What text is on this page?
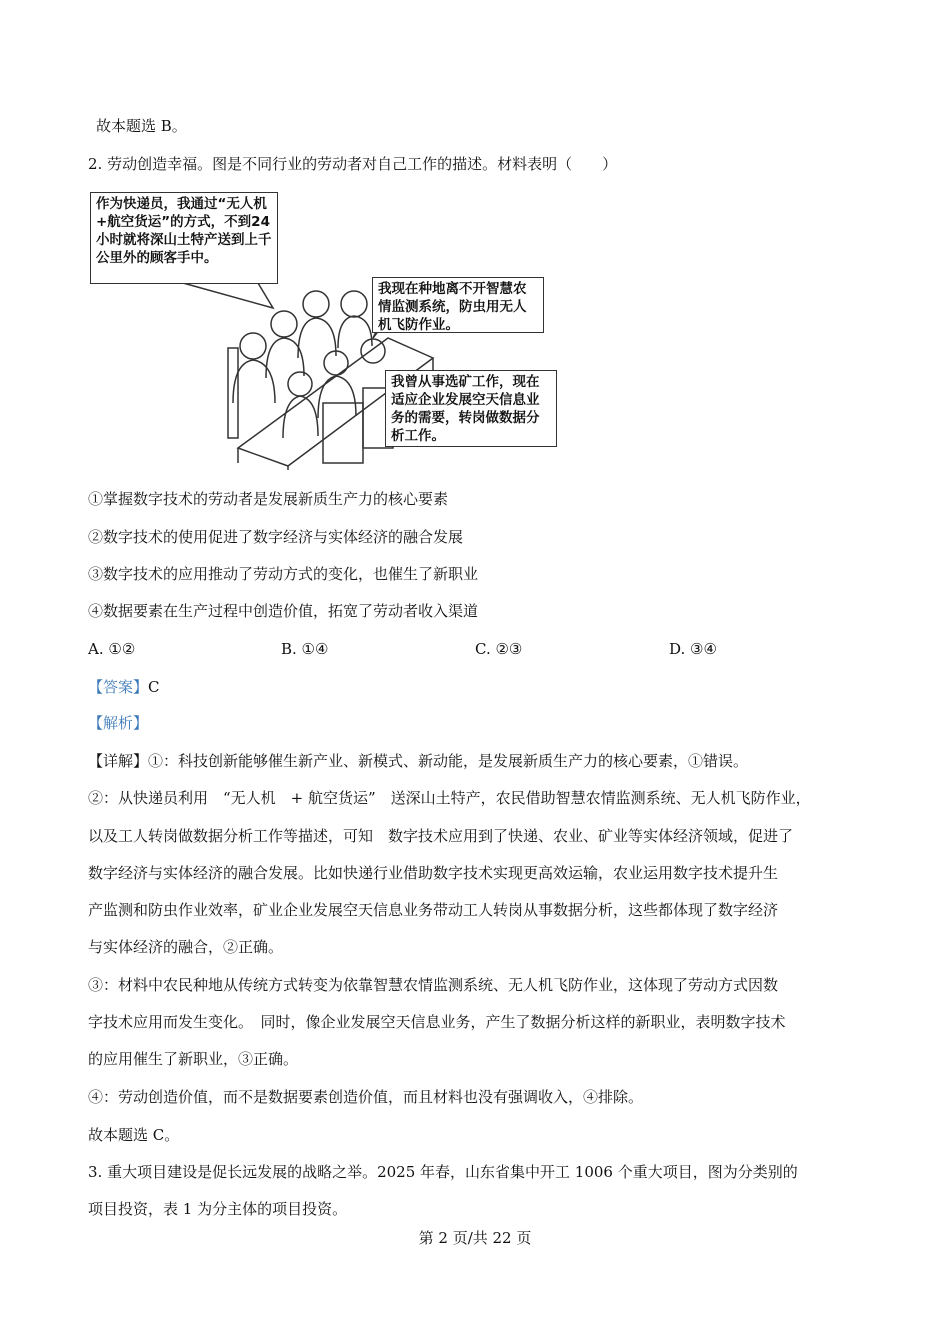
故本题选 B。
2. 劳动创造幸福。图是不同行业的劳动者对自己工作的描述。材料表明（　　）
作为快递员，我通过“无人机+航空货运”的方式，不到24小时就将深山土特产送到上千公里外的顾客手中。
我现在种地离不开智慧农情监测系统，防虫用无人机飞防作业。
我曾从事选矿工作，现在适应企业发展空天信息业务的需要，转岗做数据分析工作。
①掌握数字技术的劳动者是发展新质生产力的核心要素
②数字技术的使用促进了数字经济与实体经济的融合发展
③数字技术的应用推动了劳动方式的变化，也催生了新职业
④数据要素在生产过程中创造价值，拓宽了劳动者收入渠道
A. ①②	B. ①④	C. ②③	D. ③④
【答案】C
【解析】
【详解】①：科技创新能够催生新产业、新模式、新动能，是发展新质生产力的核心要素，①错误。
②：从快递员利用　“无人机　+ 航空货运”　送深山土特产，农民借助智慧农情监测系统、无人机飞防作业，
以及工人转岗做数据分析工作等描述，可知　数字技术应用到了快递、农业、矿业等实体经济领域，促进了
数字经济与实体经济的融合发展。比如快递行业借助数字技术实现更高效运输，农业运用数字技术提升生
产监测和防虫作业效率，矿业企业发展空天信息业务带动工人转岗从事数据分析，这些都体现了数字经济
与实体经济的融合，②正确。
③：材料中农民种地从传统方式转变为依靠智慧农情监测系统、无人机飞防作业，这体现了劳动方式因数
字技术应用而发生变化。　同时，像企业发展空天信息业务，产生了数据分析这样的新职业，表明数字技术
的应用催生了新职业，③正确。
④：劳动创造价值，而不是数据要素创造价值，而且材料也没有强调收入，④排除。
故本题选 C。
3. 重大项目建设是促长远发展的战略之举。2025 年春，山东省集中开工 1006 个重大项目，图为分类别的
项目投资，表 1 为分主体的项目投资。
第 2 页/共 22 页
